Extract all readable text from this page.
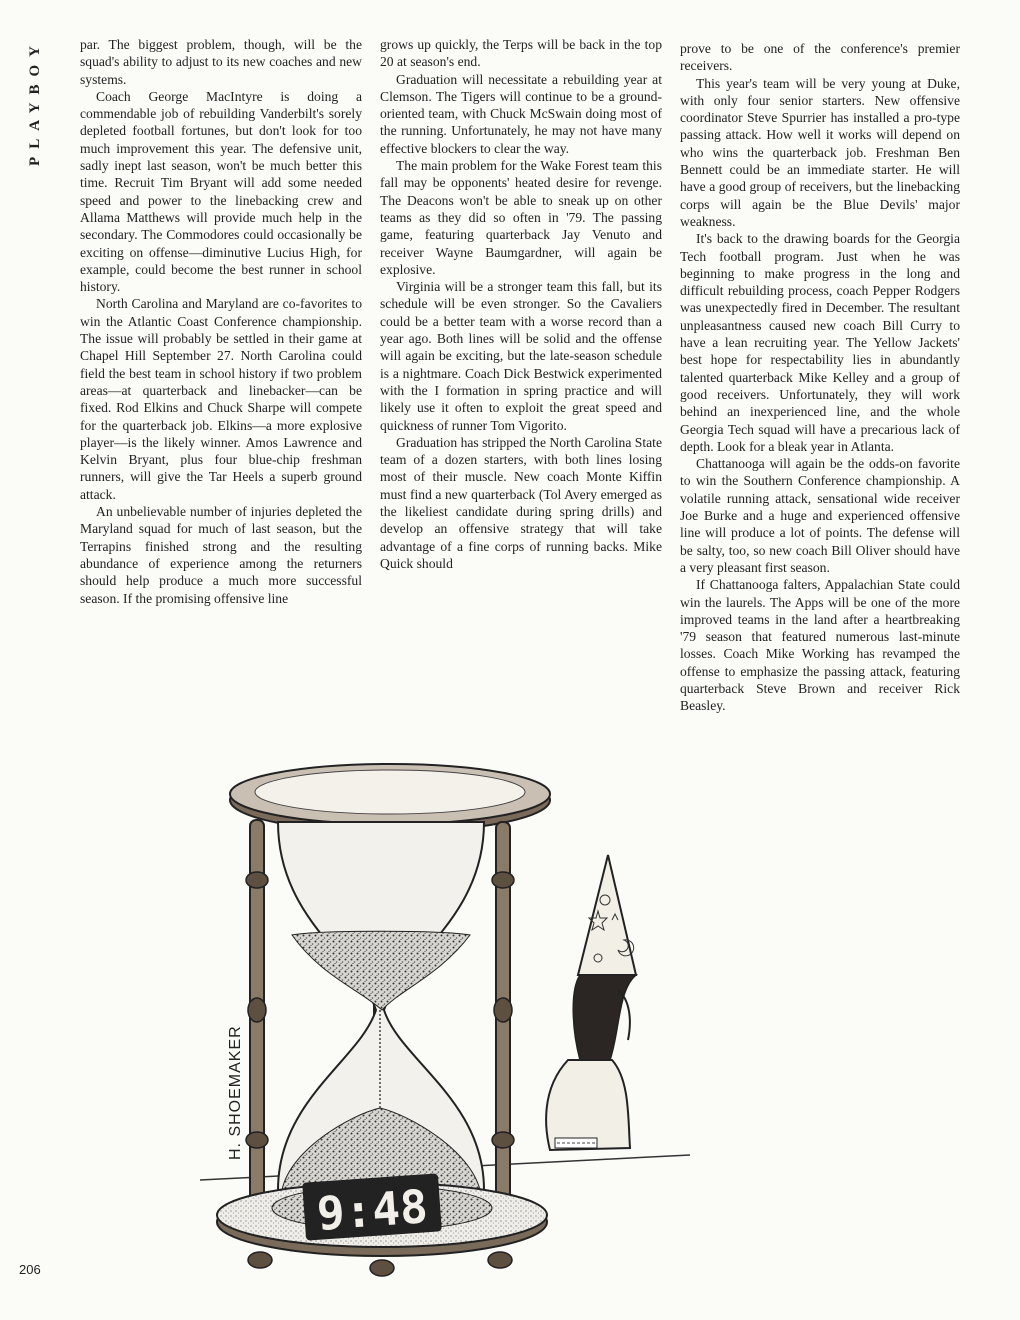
PLAYBOY	par. The biggest problem, though, will be the squad's ability to adjust to its new coaches and new systems.

Coach George MacIntyre is doing a commendable job of rebuilding Vanderbilt's sorely depleted football fortunes, but don't look for too much improvement this year. The defensive unit, sadly inept last season, won't be much better this time. Recruit Tim Bryant will add some needed speed and power to the linebacking crew and Allama Matthews will provide much help in the secondary. The Commodores could occasionally be exciting on offense—diminutive Lucius High, for example, could become the best runner in school history.

North Carolina and Maryland are co-favorites to win the Atlantic Coast Conference championship. The issue will probably be settled in their game at Chapel Hill September 27. North Carolina could field the best team in school history if two problem areas—at quarterback and linebacker—can be fixed. Rod Elkins and Chuck Sharpe will compete for the quarterback job. Elkins—a more explosive player—is the likely winner. Amos Lawrence and Kelvin Bryant, plus four blue-chip freshman runners, will give the Tar Heels a superb ground attack.

An unbelievable number of injuries depleted the Maryland squad for much of last season, but the Terrapins finished strong and the resulting abundance of experience among the returners should help produce a much more successful season. If the promising offensive line

grows up quickly, the Terps will be back in the top 20 at season's end.

Graduation will necessitate a rebuilding year at Clemson. The Tigers will continue to be a ground-oriented team, with Chuck McSwain doing most of the running. Unfortunately, he may not have many effective blockers to clear the way.

The main problem for the Wake Forest team this fall may be opponents' heated desire for revenge. The Deacons won't be able to sneak up on other teams as they did so often in '79. The passing game, featuring quarterback Jay Venuto and receiver Wayne Baumgardner, will again be explosive.

Virginia will be a stronger team this fall, but its schedule will be even stronger. So the Cavaliers could be a better team with a worse record than a year ago. Both lines will be solid and the offense will again be exciting, but the late-season schedule is a nightmare. Coach Dick Bestwick experimented with the I formation in spring practice and will likely use it often to exploit the great speed and quickness of runner Tom Vigorito.

Graduation has stripped the North Carolina State team of a dozen starters, with both lines losing most of their muscle. New coach Monte Kiffin must find a new quarterback (Tol Avery emerged as the likeliest candidate during spring drills) and develop an offensive strategy that will take advantage of a fine corps of running backs. Mike Quick should

prove to be one of the conference's premier receivers.

This year's team will be very young at Duke, with only four senior starters. New offensive coordinator Steve Spurrier has installed a pro-type passing attack. How well it works will depend on who wins the quarterback job. Freshman Ben Bennett could be an immediate starter. He will have a good group of receivers, but the linebacking corps will again be the Blue Devils' major weakness.

It's back to the drawing boards for the Georgia Tech football program. Just when he was beginning to make progress in the long and difficult rebuilding process, coach Pepper Rodgers was unexpectedly fired in December. The resultant unpleasantness caused new coach Bill Curry to have a lean recruiting year. The Yellow Jackets' best hope for respectability lies in abundantly talented quarterback Mike Kelley and a group of good receivers. Unfortunately, they will work behind an inexperienced line, and the whole Georgia Tech squad will have a precarious lack of depth. Look for a bleak year in Atlanta.

Chattanooga will again be the odds-on favorite to win the Southern Conference championship. A volatile running attack, sensational wide receiver Joe Burke and a huge and experienced offensive line will produce a lot of points. The defense will be salty, too, so new coach Bill Oliver should have a very pleasant first season.

If Chattanooga falters, Appalachian State could win the laurels. The Apps will be one of the more improved teams in the land after a heartbreaking '79 season that featured numerous last-minute losses. Coach Mike Working has revamped the offense to emphasize the passing attack, featuring quarterback Steve Brown and receiver Rick Beasley.

9:48
H. SHOEMAKER
206
